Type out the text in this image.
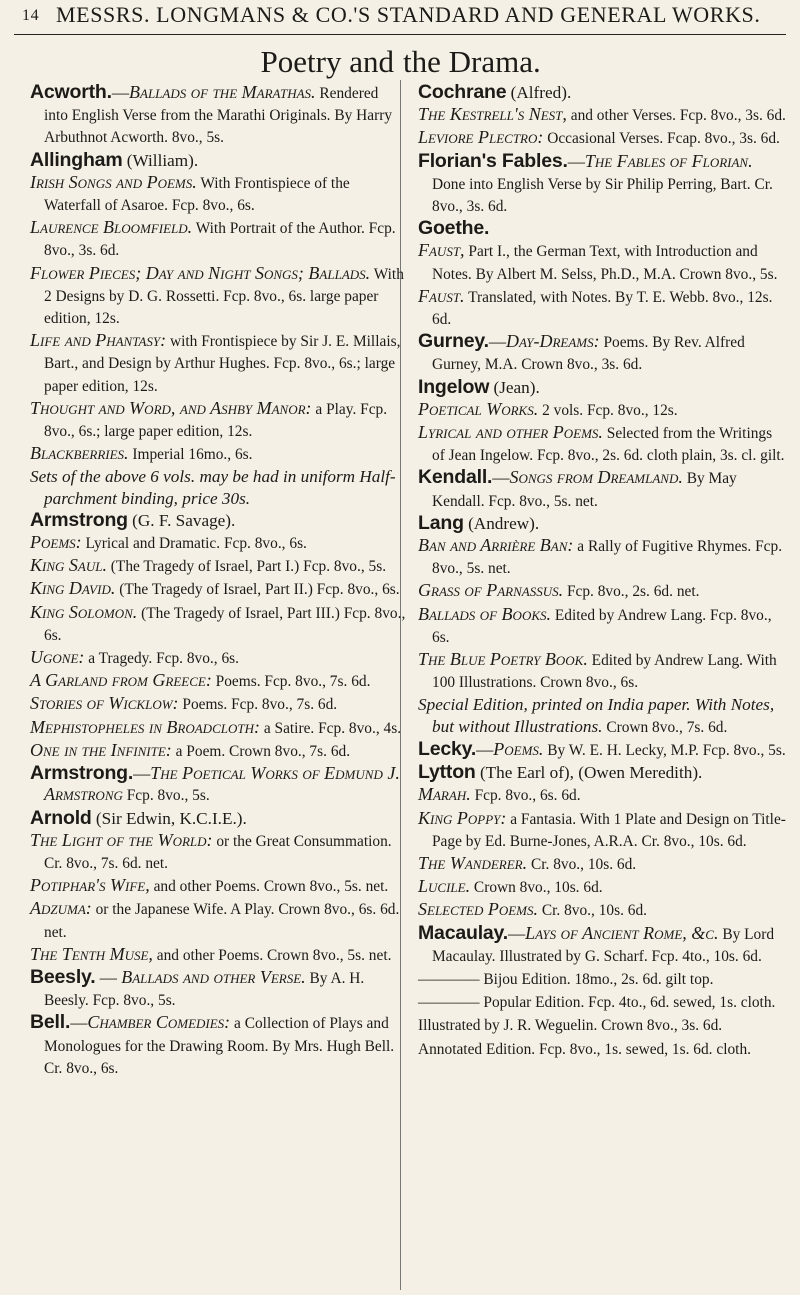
14 MESSRS. LONGMANS & CO.'S STANDARD AND GENERAL WORKS.
Poetry and the Drama.
Acworth.—Ballads of the Marathas. Rendered into English Verse from the Marathi Originals. By Harry Arbuthnot Acworth. 8vo., 5s.
Allingham (William).
Irish Songs and Poems. With Frontispiece of the Waterfall of Asaroe. Fcp. 8vo., 6s.
Laurence Bloomfield. With Portrait of the Author. Fcp. 8vo., 3s. 6d.
Flower Pieces; Day and Night Songs; Ballads. With 2 Designs by D. G. Rossetti. Fcp. 8vo., 6s. large paper edition, 12s.
Life and Phantasy: with Frontispiece by Sir J. E. Millais, Bart., and Design by Arthur Hughes. Fcp. 8vo., 6s.; large paper edition, 12s.
Thought and Word, and Ashby Manor: a Play. Fcp. 8vo., 6s.; large paper edition, 12s.
Blackberries. Imperial 16mo., 6s.
Sets of the above 6 vols. may be had in uniform Half-parchment binding, price 30s.
Armstrong (G. F. Savage).
Poems: Lyrical and Dramatic. Fcp. 8vo., 6s.
King Saul. (The Tragedy of Israel, Part I.) Fcp. 8vo., 5s.
King David. (The Tragedy of Israel, Part II.) Fcp. 8vo., 6s.
King Solomon. (The Tragedy of Israel, Part III.) Fcp. 8vo., 6s.
Ugone: a Tragedy. Fcp. 8vo., 6s.
A Garland from Greece: Poems. Fcp. 8vo., 7s. 6d.
Stories of Wicklow: Poems. Fcp. 8vo., 7s. 6d.
Mephistopheles in Broadcloth: a Satire. Fcp. 8vo., 4s.
One in the Infinite: a Poem. Crown 8vo., 7s. 6d.
Armstrong.—The Poetical Works of Edmund J. Armstrong Fcp. 8vo., 5s.
Arnold (Sir Edwin, K.C.I.E.).
The Light of the World: or the Great Consummation. Cr. 8vo., 7s. 6d. net.
Potiphar's Wife, and other Poems. Crown 8vo., 5s. net.
Adzuma: or the Japanese Wife. A Play. Crown 8vo., 6s. 6d. net.
The Tenth Muse, and other Poems. Crown 8vo., 5s. net.
Beesly. — Ballads and other Verse. By A. H. Beesly. Fcp. 8vo., 5s.
Bell.—Chamber Comedies: a Collection of Plays and Monologues for the Drawing Room. By Mrs. Hugh Bell. Cr. 8vo., 6s.
Cochrane (Alfred).
The Kestrell's Nest, and other Verses. Fcp. 8vo., 3s. 6d.
Leviore Plectro: Occasional Verses. Fcap. 8vo., 3s. 6d.
Florian's Fables.—The Fables of Florian. Done into English Verse by Sir Philip Perring, Bart. Cr. 8vo., 3s. 6d.
Goethe.
Faust, Part I., the German Text, with Introduction and Notes. By Albert M. Selss, Ph.D., M.A. Crown 8vo., 5s.
Faust. Translated, with Notes. By T. E. Webb. 8vo., 12s. 6d.
Gurney.—Day-Dreams: Poems. By Rev. Alfred Gurney, M.A. Crown 8vo., 3s. 6d.
Ingelow (Jean).
Poetical Works. 2 vols. Fcp. 8vo., 12s.
Lyrical and other Poems. Selected from the Writings of Jean Ingelow. Fcp. 8vo., 2s. 6d. cloth plain, 3s. cl. gilt.
Kendall.—Songs from Dreamland. By May Kendall. Fcp. 8vo., 5s. net.
Lang (Andrew).
Ban and Arrière Ban: a Rally of Fugitive Rhymes. Fcp. 8vo., 5s. net.
Grass of Parnassus. Fcp. 8vo., 2s. 6d. net.
Ballads of Books. Edited by Andrew Lang. Fcp. 8vo., 6s.
The Blue Poetry Book. Edited by Andrew Lang. With 100 Illustrations. Crown 8vo., 6s.
Special Edition, printed on India paper. With Notes, but without Illustrations. Crown 8vo., 7s. 6d.
Lecky.—Poems. By W. E. H. Lecky, M.P. Fcp. 8vo., 5s.
Lytton (The Earl of), (Owen Meredith).
Marah. Fcp. 8vo., 6s. 6d.
King Poppy: a Fantasia. With 1 Plate and Design on Title-Page by Ed. Burne-Jones, A.R.A. Cr. 8vo., 10s. 6d.
The Wanderer. Cr. 8vo., 10s. 6d.
Lucile. Crown 8vo., 10s. 6d.
Selected Poems. Cr. 8vo., 10s. 6d.
Macaulay.—Lays of Ancient Rome, &c. By Lord Macaulay. Illustrated by G. Scharf. Fcp. 4to., 10s. 6d.
———— Bijou Edition. 18mo., 2s. 6d. gilt top.
———— Popular Edition. Fcp. 4to., 6d. sewed, 1s. cloth.
Illustrated by J. R. Weguelin. Crown 8vo., 3s. 6d.
Annotated Edition. Fcp. 8vo., 1s. sewed, 1s. 6d. cloth.
